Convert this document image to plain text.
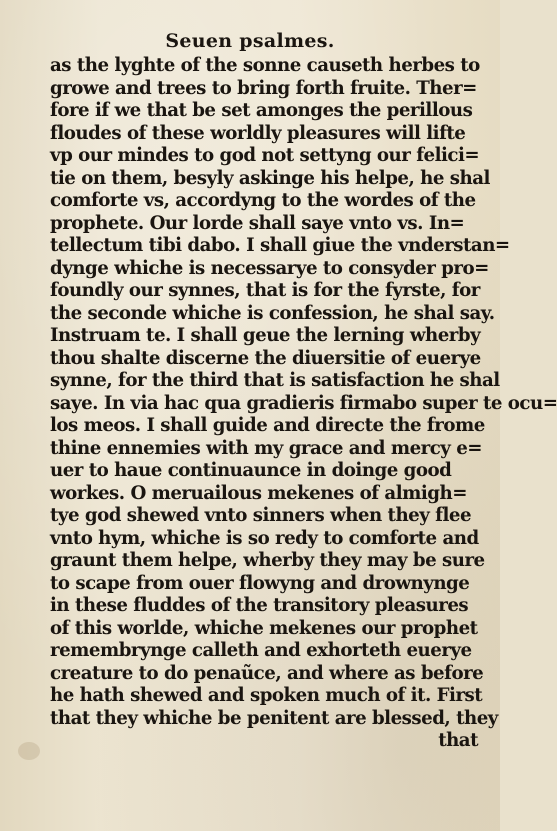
Seuen psalmes.
as the lyghte of the sonne causeth herbes to
growe and trees to bring forth fruite. Ther=
fore if we that be set amonges the perillous
floudes of these worldly pleasures will lifte
vp our mindes to god not settyng our felici=
tie on them, besyly askinge his helpe, he shal
comforte vs, accordyng to the wordes of the
prophete. Our lorde shall saye vnto vs. In=
tellectum tibi dabo. I shall giue the vnderstan=
dynge whiche is necessarye to consyder pro=
foundly our synnes, that is for the fyrste, for
the seconde whiche is confession, he shal say.
Instruam te. I shall geue the lerning wherby
thou shalte discerne the diuersitie of euerye
synne, for the third that is satisfaction he shal
saye. In via hac qua gradieris firmabo super te ocu=
los meos. I shall guide and directe the frome
thine ennemies with my grace and mercy e=
uer to haue continuaunce in doinge good
workes. O meruailous mekenes of almigh=
tye god shewed vnto sinners when they flee
vnto hym, whiche is so redy to comforte and
graunt them helpe, wherby they may be sure
to scape from ouer flowyng and drownynge
in these fluddes of the transitory pleasures
of this worlde, whiche mekenes our prophet
remembrynge calleth and exhorteth euerye
creature to do penaũce, and where as before
he hath shewed and spoken much of it. First
that they whiche be penitent are blessed, they
that
